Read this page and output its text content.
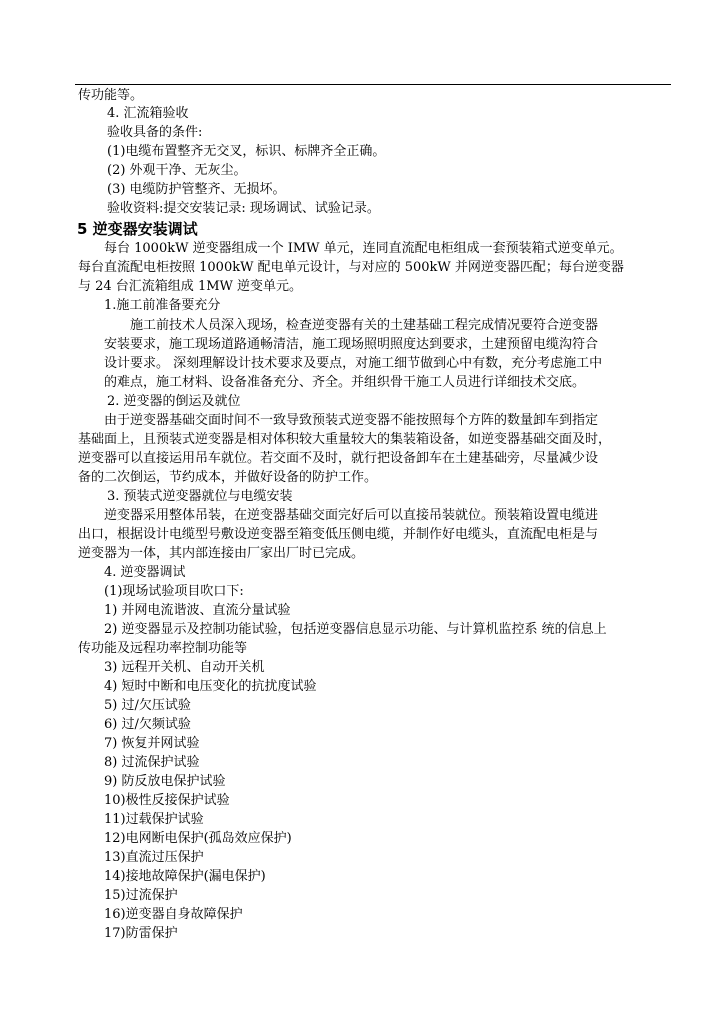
传功能等。
4. 汇流箱验收
验收具备的条件:
(1)电缆布置整齐无交叉，标识、标牌齐全正确。
(2) 外观干净、无灰尘。
(3) 电缆防护管整齐、无损坏。
验收资料:提交安装记录: 现场调试、试验记录。
5 逆变器安装调试
每台 1000kW 逆变器组成一个 IMW 单元，连同直流配电柜组成一套预装箱式逆变单元。
每台直流配电柜按照 1000kW 配电单元设计，与对应的 500kW 并网逆变器匹配；每台逆变器
与 24 台汇流箱组成 1MW 逆变单元。
1.施工前准备要充分
施工前技术人员深入现场，检查逆变器有关的土建基础工程完成情况要符合逆变器
安装要求，施工现场道路通畅清洁，施工现场照明照度达到要求，土建预留电缆沟符合
设计要求。 深刻理解设计技术要求及要点，对施工细节做到心中有数，充分考虑施工中
的难点，施工材料、设备准备充分、齐全。并组织骨干施工人员进行详细技术交底。
2. 逆变器的倒运及就位
由于逆变器基础交面时间不一致导致预装式逆变器不能按照每个方阵的数量卸车到指定
基础面上，且预装式逆变器是相对体积较大重量较大的集装箱设备，如逆变器基础交面及时，
逆变器可以直接运用吊车就位。若交面不及时，就行把设备卸车在土建基础旁，尽量减少设
备的二次倒运，节约成本，并做好设备的防护工作。
3. 预装式逆变器就位与电缆安装
逆变器采用整体吊装，在逆变器基础交面完好后可以直接吊装就位。预装箱设置电缆进
出口，根据设计电缆型号敷设逆变器至箱变低压侧电缆，并制作好电缆头，直流配电柜是与
逆变器为一体，其内部连接由厂家出厂时已完成。
4. 逆变器调试
(1)现场试验项目吹口下:
1) 并网电流谐波、直流分量试验
2) 逆变器显示及控制功能试验，包括逆变器信息显示功能、与计算机监控系 统的信息上
传功能及远程功率控制功能等
3) 远程开关机、自动开关机
4) 短时中断和电压变化的抗扰度试验
5) 过/欠压试验
6) 过/欠频试验
7) 恢复并网试验
8) 过流保护试验
9) 防反放电保护试验
10)极性反接保护试验
11)过载保护试验
12)电网断电保护(孤岛效应保护)
13)直流过压保护
14)接地故障保护(漏电保护)
15)过流保护
16)逆变器自身故障保护
17)防雷保护
